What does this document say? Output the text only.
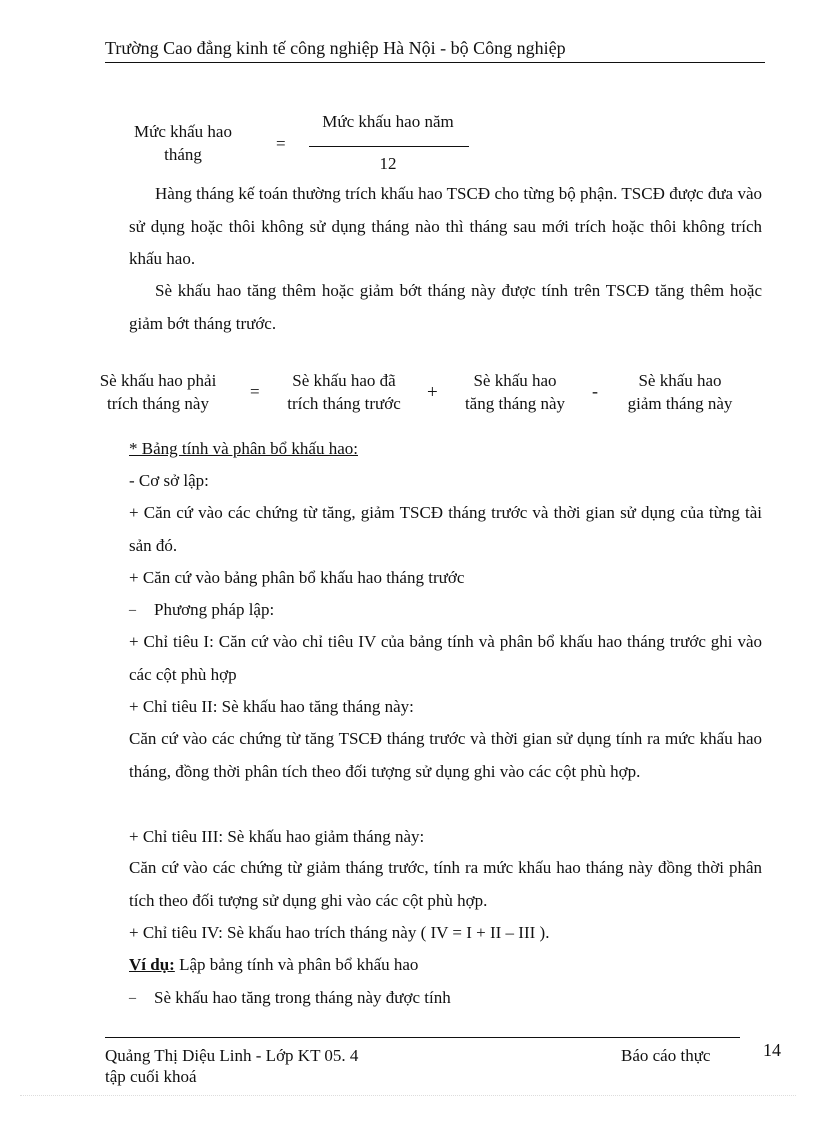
Trường Cao đẳng kinh tế công nghiệp Hà Nội - bộ Công nghiệp
Mức khấu hao
tháng
=
Mức khấu hao năm
12
Hàng tháng kế toán thường trích khấu hao TSCĐ cho từng bộ phận. TSCĐ được đưa vào sử dụng hoặc thôi không sử dụng tháng nào thì tháng sau mới trích hoặc thôi không trích khấu hao.
Sè khấu hao tăng thêm hoặc giảm bớt tháng này được tính trên TSCĐ tăng thêm hoặc giảm bớt tháng trước.
Sè khấu hao phải
trích tháng này
=
Sè khấu hao đã
trích tháng trước
+
Sè khấu hao
tăng tháng này
-
Sè khấu hao
giảm tháng này
* Bảng tính và phân bổ khấu hao:
- Cơ sở lập:
+ Căn cứ vào các chứng từ tăng, giảm TSCĐ tháng trước và thời gian sử dụng của từng tài sản đó.
+ Căn cứ vào bảng phân bổ khấu hao tháng trước
_ Phương pháp lập:
+ Chỉ tiêu I: Căn cứ vào chỉ tiêu IV của bảng tính và phân bổ khấu hao tháng trước ghi vào các cột phù hợp
+ Chỉ tiêu II: Sè khấu hao tăng tháng này:
Căn cứ vào các chứng từ tăng TSCĐ tháng trước và thời gian sử dụng tính ra mức khấu hao tháng, đồng thời phân tích theo đối tượng sử dụng ghi vào các cột phù hợp.
+ Chỉ tiêu III: Sè khấu hao giảm tháng này:
Căn cứ vào các chứng từ giảm tháng trước, tính ra mức khấu hao tháng này đồng thời phân tích theo đối tượng sử dụng ghi vào các cột phù hợp.
+ Chỉ tiêu IV: Sè khấu hao trích tháng này ( IV = I + II – III ).
Ví dụ: Lập bảng tính và phân bổ khấu hao
_ Sè khấu hao tăng trong tháng này được tính
Quảng Thị Diệu Linh - Lớp KT 05. 4	Báo cáo thực
tập cuối khoá
14
